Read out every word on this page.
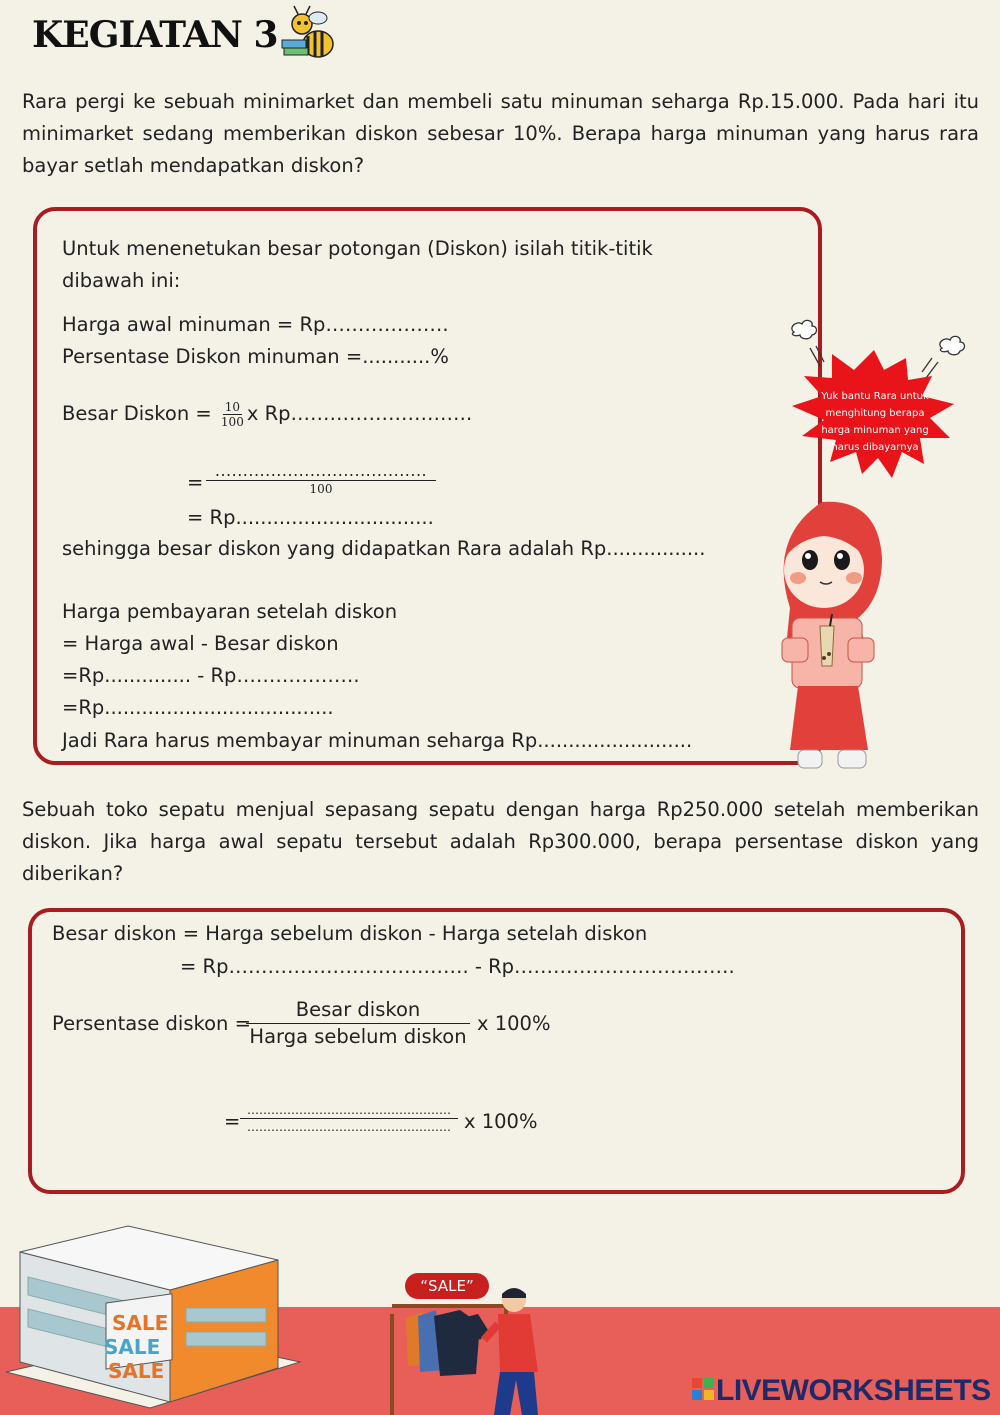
KEGIATAN 3
Rara pergi ke sebuah minimarket dan membeli satu minuman seharga Rp.15.000. Pada hari itu minimarket sedang memberikan diskon sebesar 10%. Berapa harga minuman yang harus rara bayar setlah mendapatkan diskon?
Untuk menenetukan besar potongan (Diskon) isilah titik-titik dibawah ini:
Harga awal minuman = Rp……………….
Persentase Diskon minuman =...........%
Besar Diskon = $\frac{10}{100}$ x Rp……………………….
=
......................................
100
= Rp................................
sehingga besar diskon yang didapatkan Rara adalah Rp................
Harga pembayaran setelah diskon
= Harga awal - Besar diskon
=Rp.............. - Rp……………….
=Rp.....................................
Jadi Rara harus membayar minuman seharga Rp.........................
Yuk bantu Rara untuk menghitung berapa harga minuman yang harus dibayarnya
Sebuah toko sepatu menjual sepasang sepatu dengan harga Rp250.000 setelah memberikan diskon. Jika harga awal sepatu tersebut adalah Rp300.000, berapa persentase diskon yang diberikan?
Besar diskon = Harga sebelum diskon - Harga setelah diskon
= Rp………………………………. - Rp…………………………….
Persentase diskon =
Besar diskon
Harga sebelum diskon
x 100%
= ……………………………………………
…………………………………………… x 100%
SALE
SALE
SALE
“SALE”
LIVEWORKSHEETS
